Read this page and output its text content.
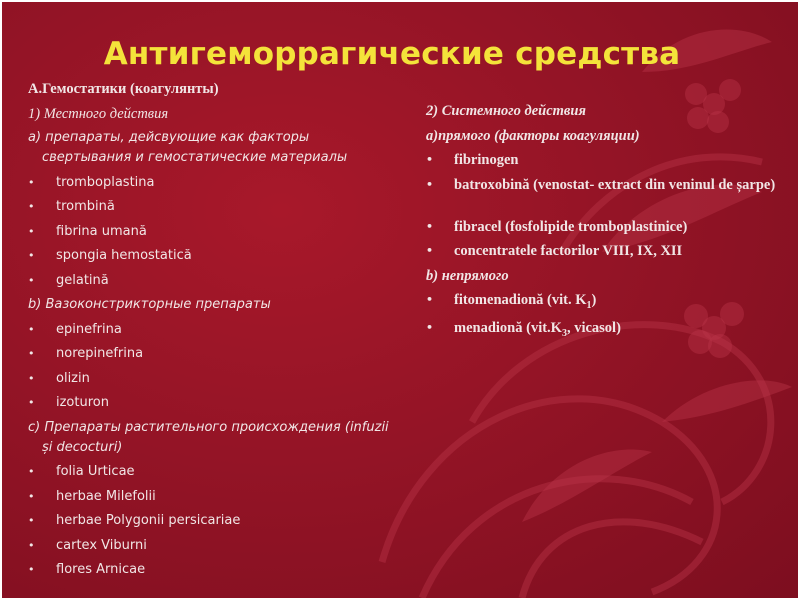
Антигеморрагические средства
A.Гемостатики (коагулянты)
1) Местного действия
a) препараты, дейсвующие как факторы
свертывания и гемостатические материалы
•	tromboplastina
•	trombină
•	fibrina umană
•	spongia hemostatică
•	gelatină
b) Вазоконстрикторные препараты
•	epinefrina
•	norepinefrina
•	olizin
•	izoturon
c) Препараты растительного происхождения (infuzii
și decocturi)
•	folia Urticae
•	herbae Milefolii
•	herbae Polygonii persicariae
•	cartex Viburni
•	flores Arnicae
2) Системного действия
a)прямого (факторы коагуляции)
•	fibrinogen
•	batroxobină (venostat- extract din veninul de șarpe)
•	fibracel (fosfolipide tromboplastinice)
•	concentratele factorilor VIII, IX, XII
b) непрямого
•	fitomenadionă (vit. $K_1$)
•	menadionă ($vit.K_3$, vicasol)
